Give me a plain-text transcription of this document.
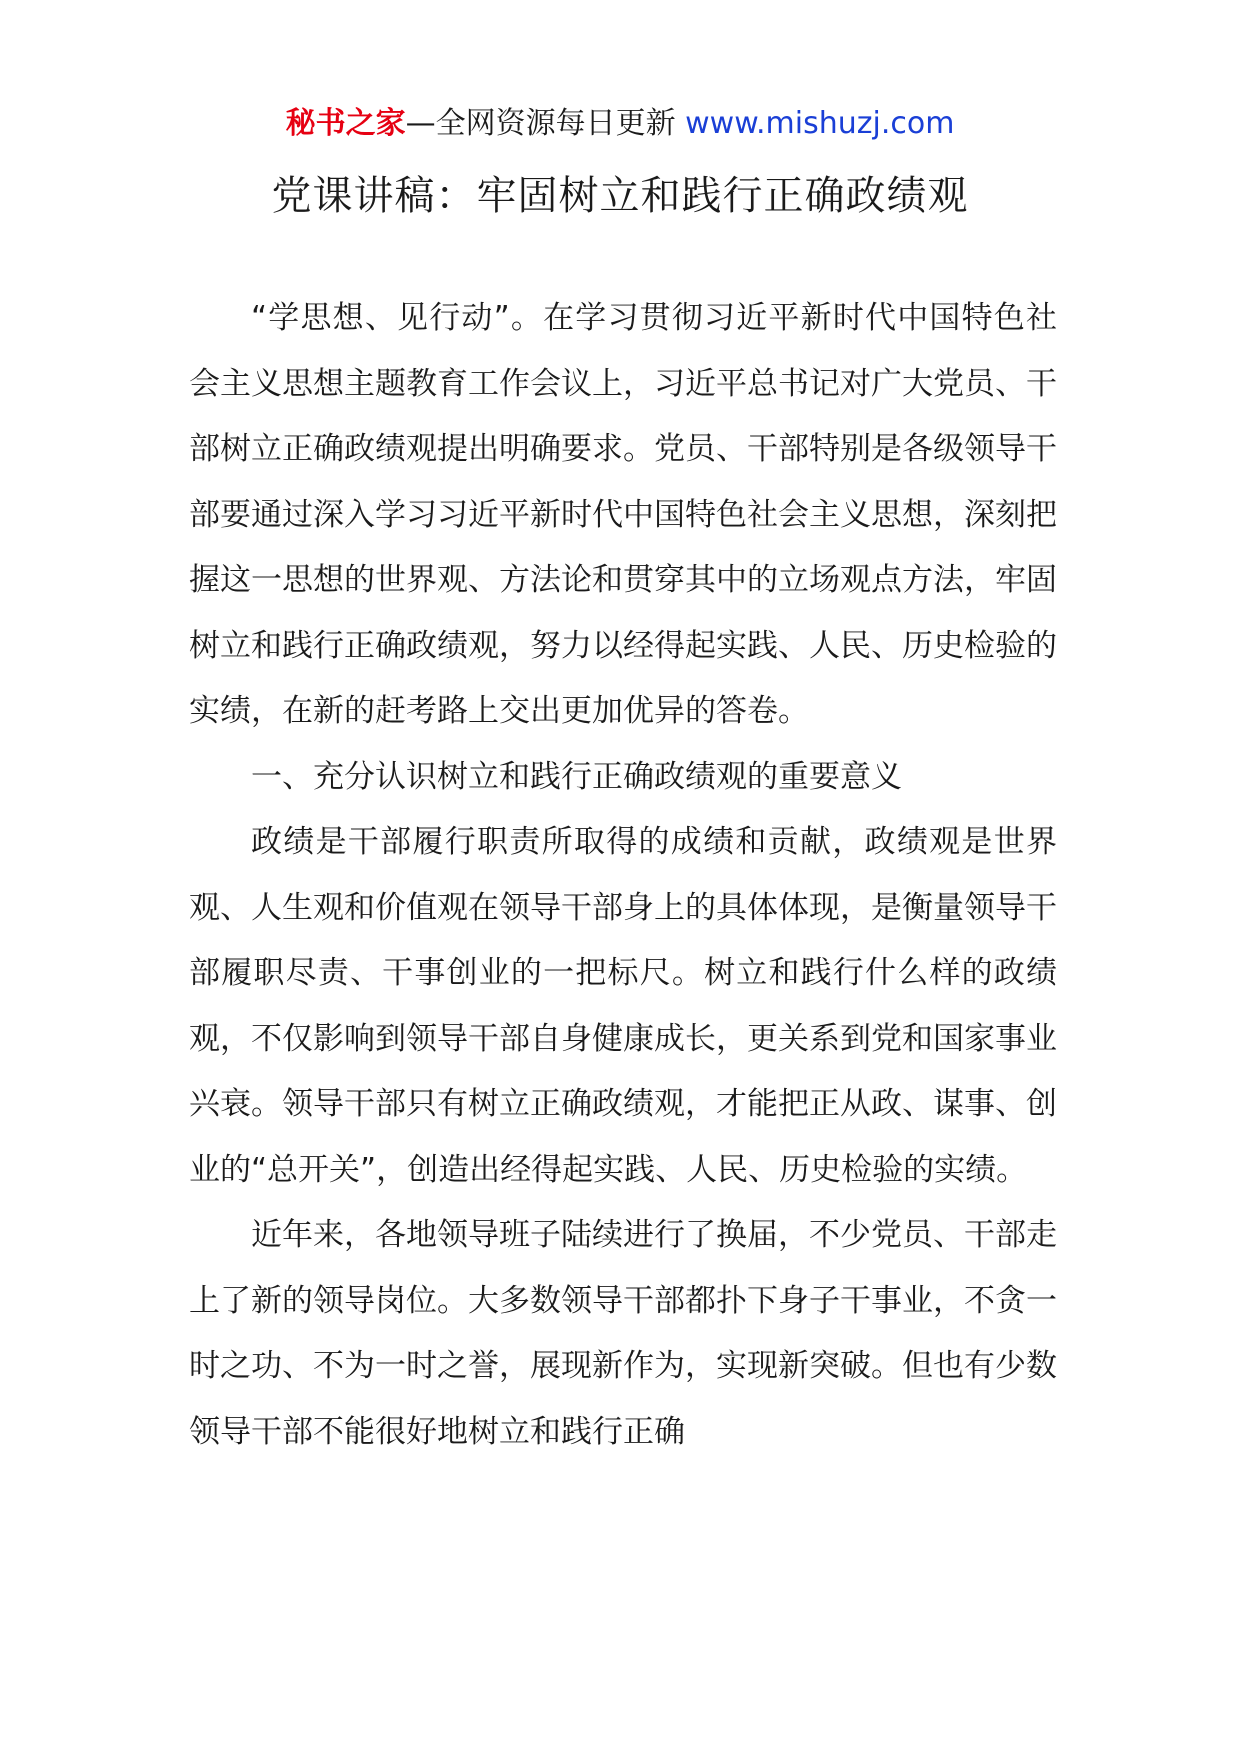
秘书之家—全网资源每日更新 www.mishuzj.com
党课讲稿：牢固树立和践行正确政绩观

“学思想、见行动”。在学习贯彻习近平新时代中国特色社会主义思想主题教育工作会议上，习近平总书记对广大党员、干部树立正确政绩观提出明确要求。党员、干部特别是各级领导干部要通过深入学习习近平新时代中国特色社会主义思想，深刻把握这一思想的世界观、方法论和贯穿其中的立场观点方法，牢固树立和践行正确政绩观，努力以经得起实践、人民、历史检验的实绩，在新的赶考路上交出更加优异的答卷。

一、充分认识树立和践行正确政绩观的重要意义

政绩是干部履行职责所取得的成绩和贡献，政绩观是世界观、人生观和价值观在领导干部身上的具体体现，是衡量领导干部履职尽责、干事创业的一把标尺。树立和践行什么样的政绩观，不仅影响到领导干部自身健康成长，更关系到党和国家事业兴衰。领导干部只有树立正确政绩观，才能把正从政、谋事、创业的“总开关”，创造出经得起实践、人民、历史检验的实绩。

近年来，各地领导班子陆续进行了换届，不少党员、干部走上了新的领导岗位。大多数领导干部都扑下身子干事业，不贪一时之功、不为一时之誉，展现新作为，实现新突破。但也有少数领导干部不能很好地树立和践行正确
